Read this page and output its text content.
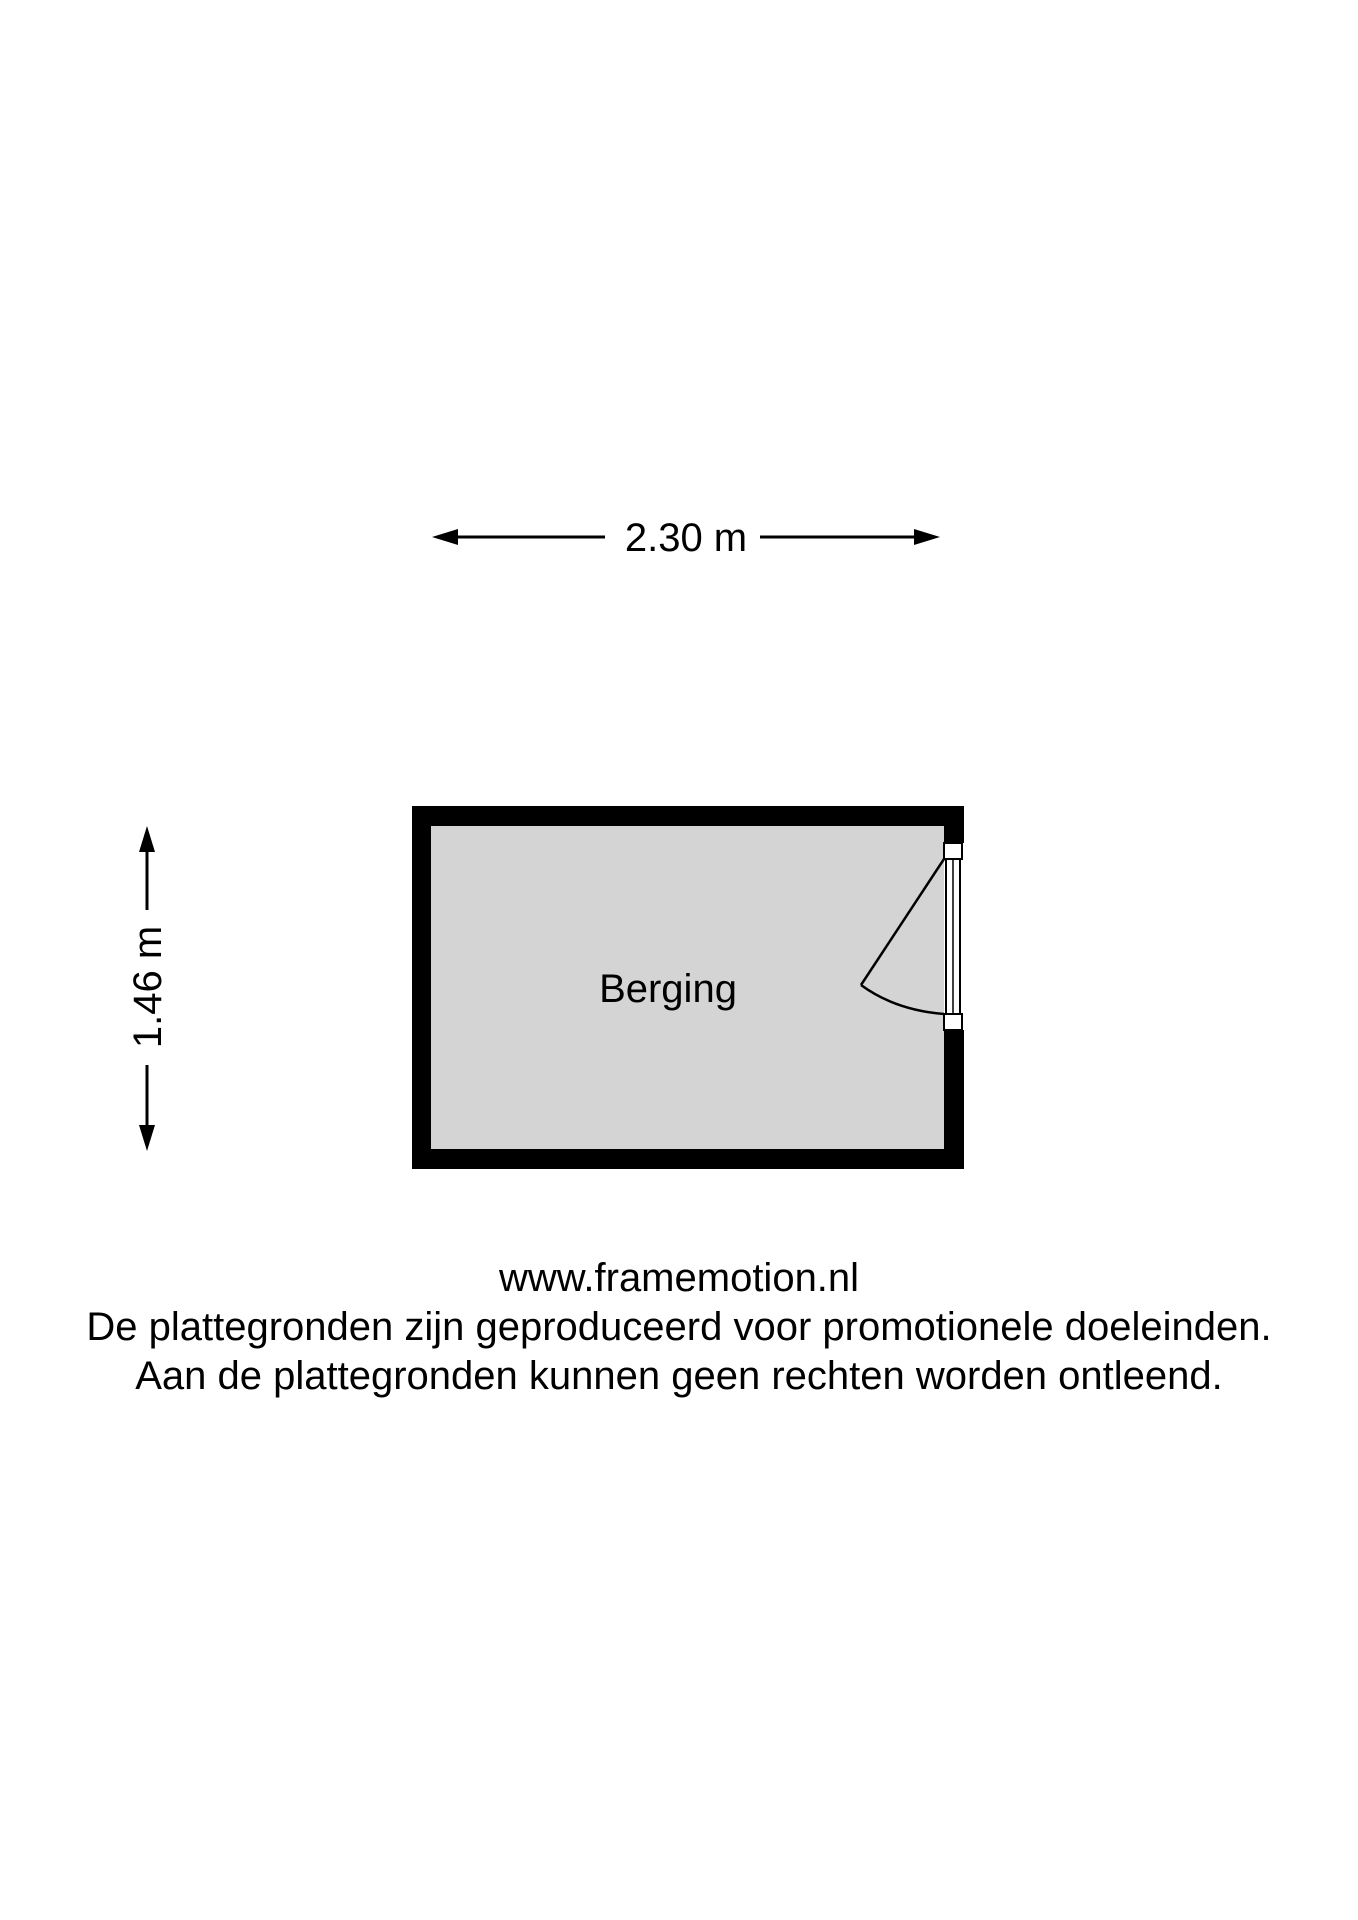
2.30 m
1.46 m	Berging
www.framemotion.nl
De plattegronden zijn geproduceerd voor promotionele doeleinden.
Aan de plattegronden kunnen geen rechten worden ontleend.
